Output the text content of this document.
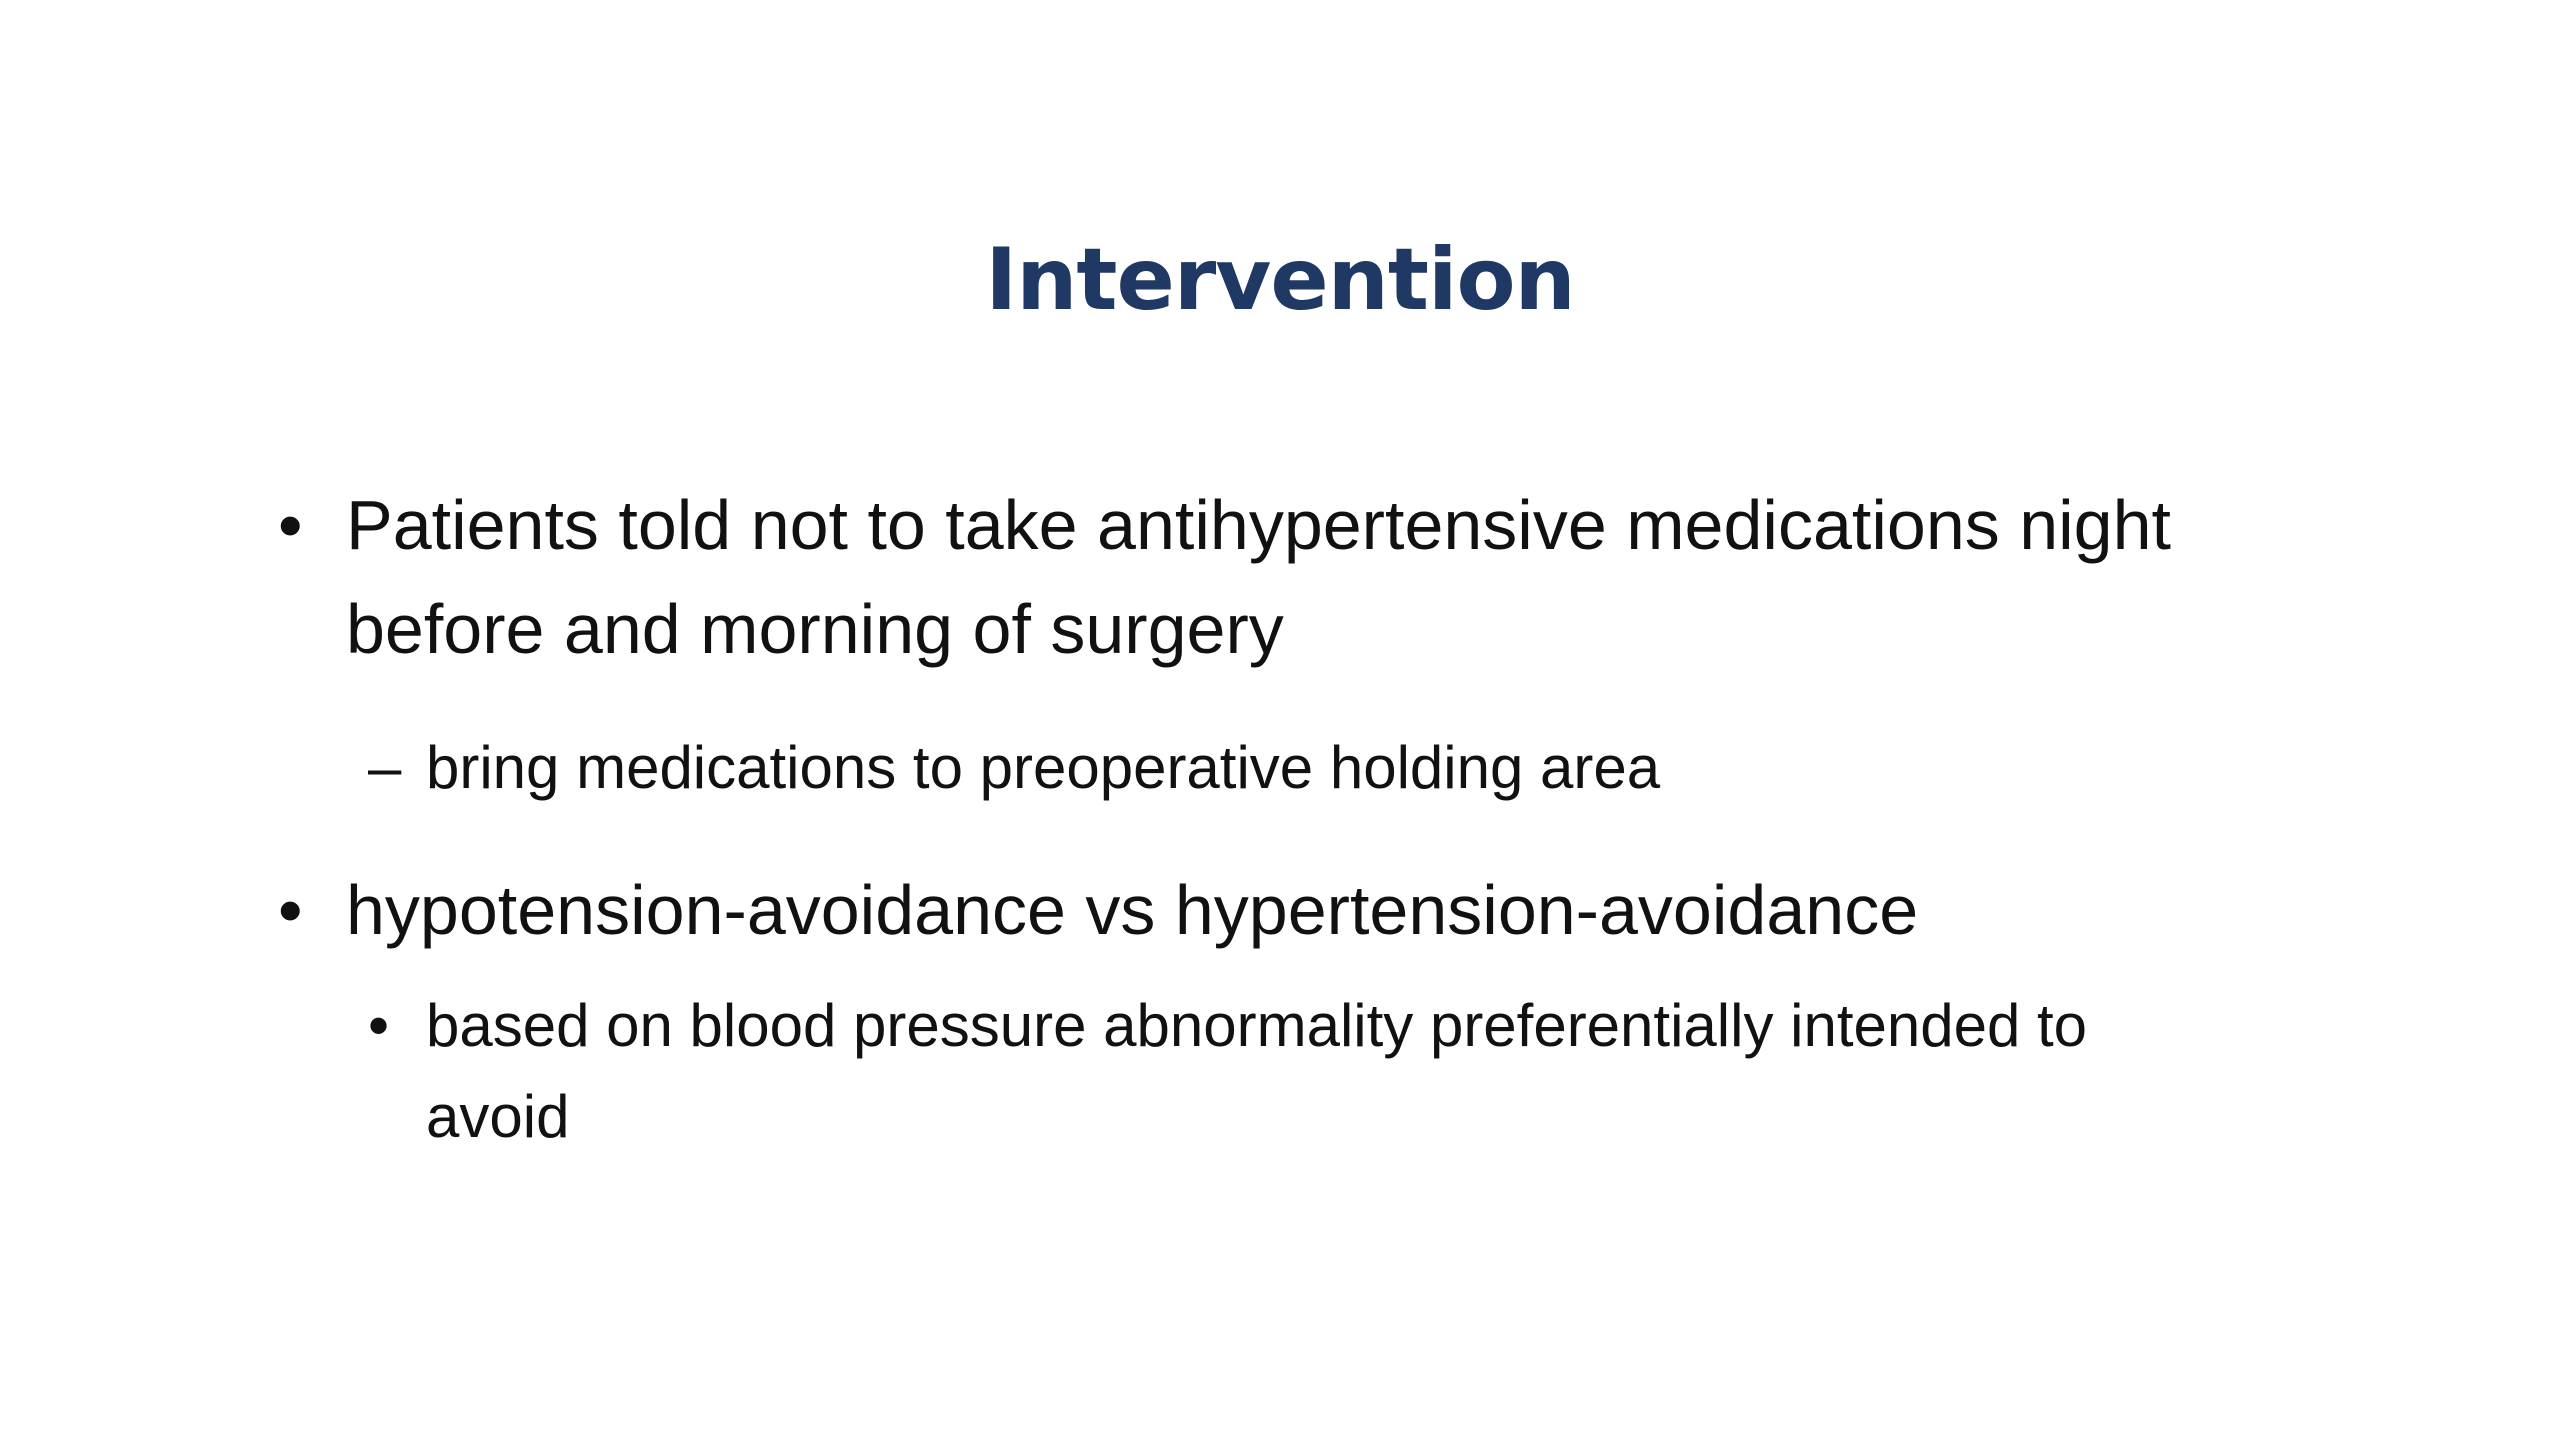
Intervention
• Patients told not to take antihypertensive medications night before and morning of surgery
– bring medications to preoperative holding area
• hypotension-avoidance vs hypertension-avoidance
• based on blood pressure abnormality preferentially intended to avoid
